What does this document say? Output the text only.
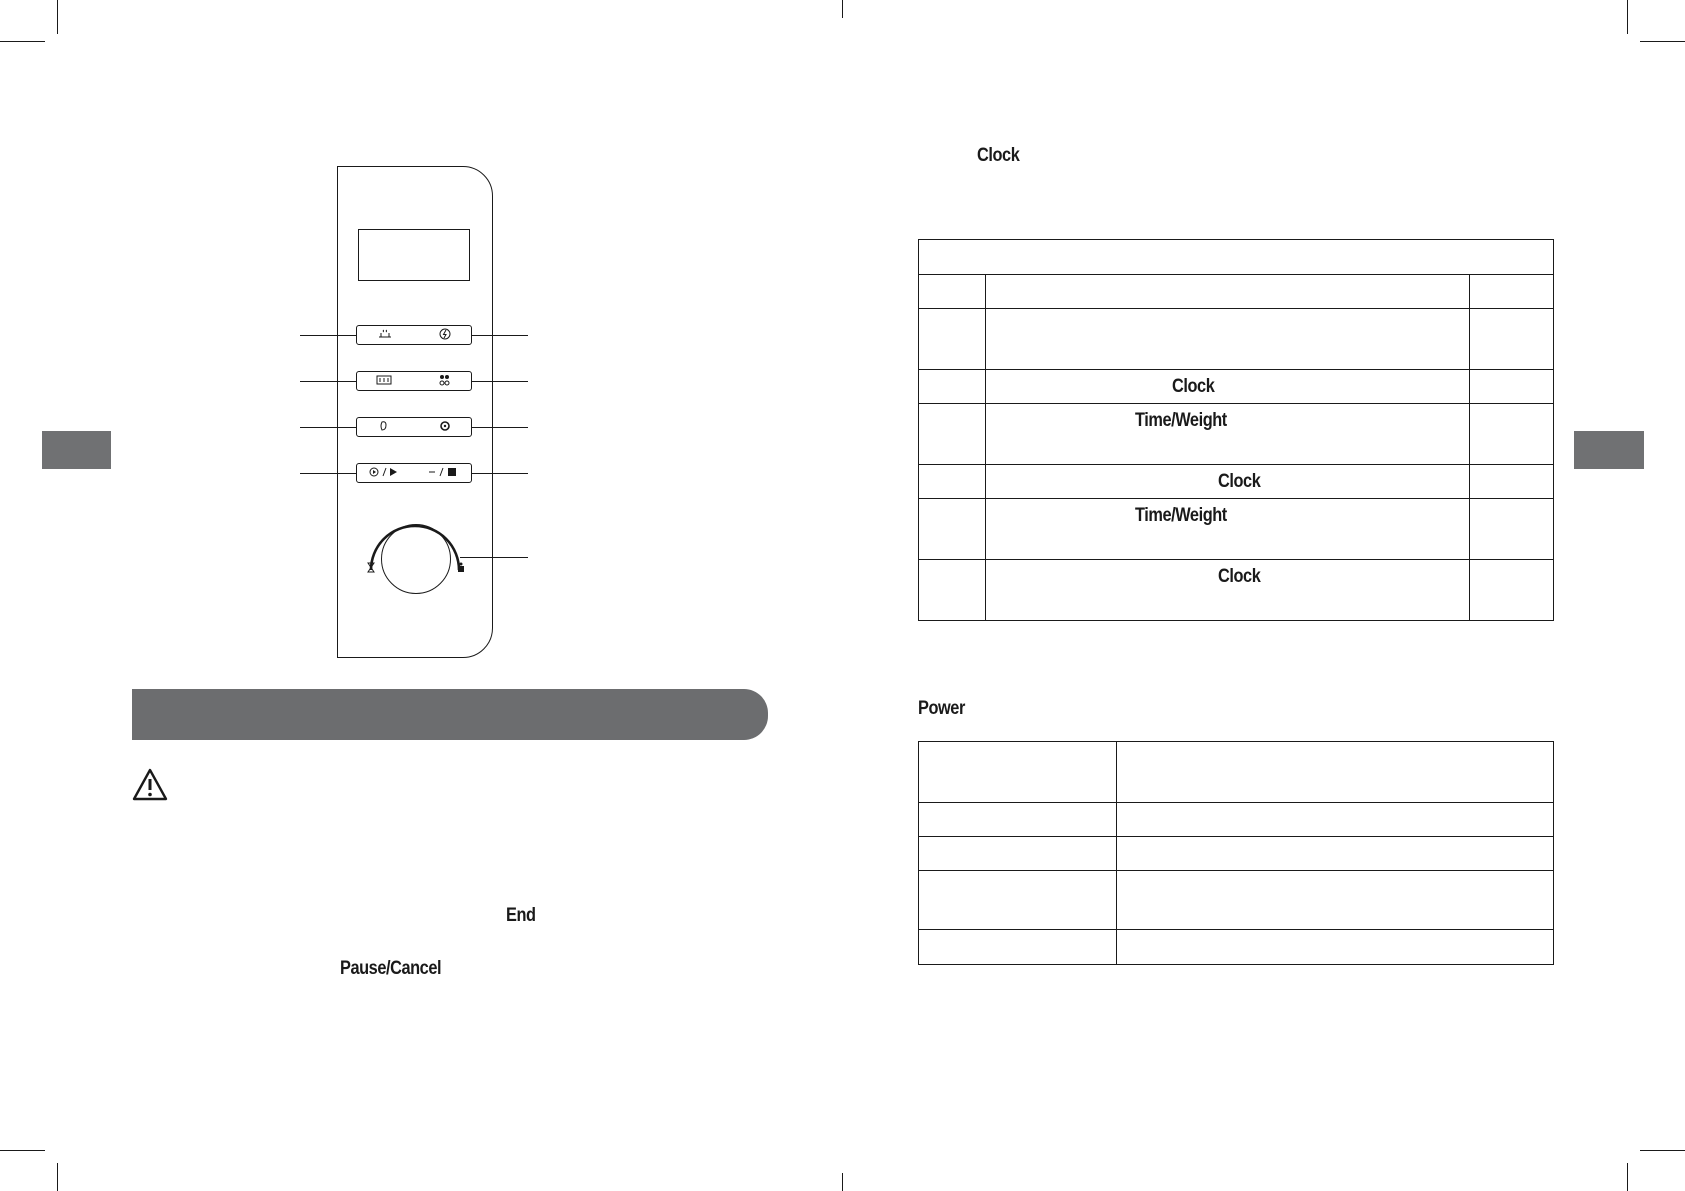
End
Pause/Cancel
Clock

	Clock	

	Time/Weight	

	Clock	

	Time/Weight	

	Clock	

Power
